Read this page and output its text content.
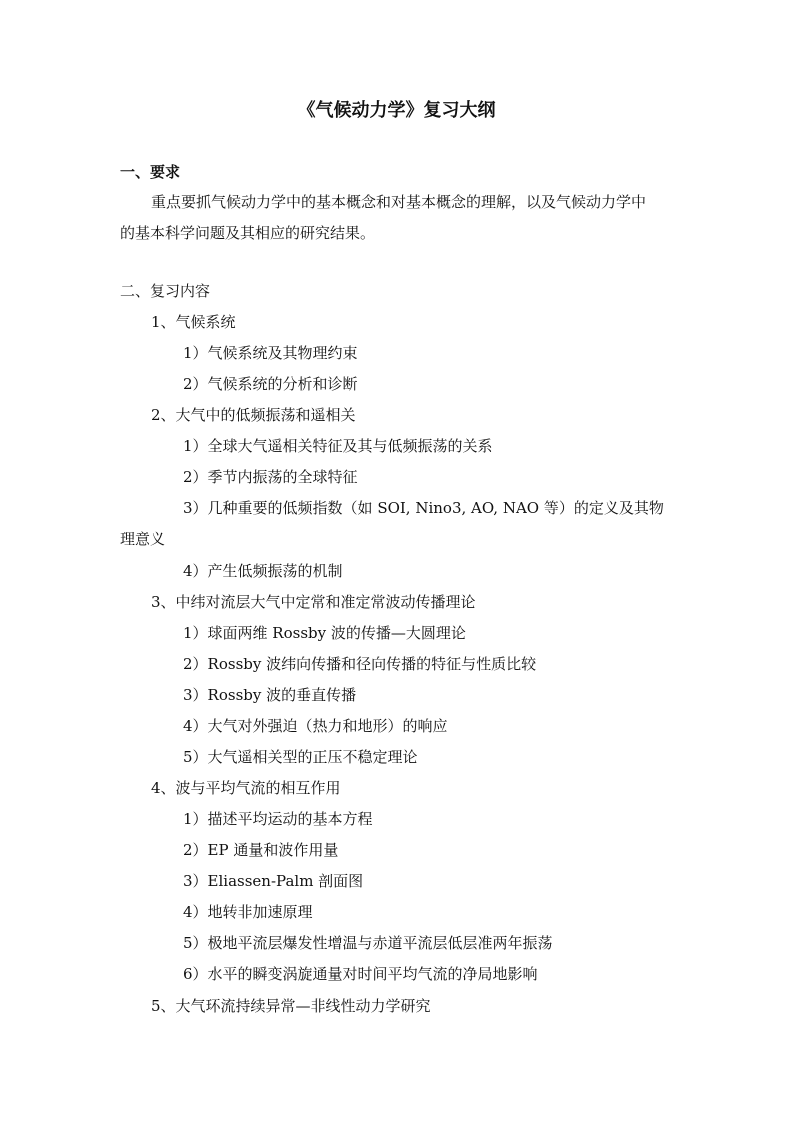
《气候动力学》复习大纲
一、要求
重点要抓气候动力学中的基本概念和对基本概念的理解，以及气候动力学中
的基本科学问题及其相应的研究结果。
二、复习内容
1、气候系统
1）气候系统及其物理约束
2）气候系统的分析和诊断
2、大气中的低频振荡和遥相关
1）全球大气遥相关特征及其与低频振荡的关系
2）季节内振荡的全球特征
3）几种重要的低频指数（如 SOI, Nino3, AO, NAO 等）的定义及其物
理意义
4）产生低频振荡的机制
3、中纬对流层大气中定常和准定常波动传播理论
1）球面两维 Rossby 波的传播—大圆理论
2）Rossby 波纬向传播和径向传播的特征与性质比较
3）Rossby 波的垂直传播
4）大气对外强迫（热力和地形）的响应
5）大气遥相关型的正压不稳定理论
4、波与平均气流的相互作用
1）描述平均运动的基本方程
2）EP 通量和波作用量
3）Eliassen-Palm 剖面图
4）地转非加速原理
5）极地平流层爆发性增温与赤道平流层低层准两年振荡
6）水平的瞬变涡旋通量对时间平均气流的净局地影响
5、大气环流持续异常—非线性动力学研究
